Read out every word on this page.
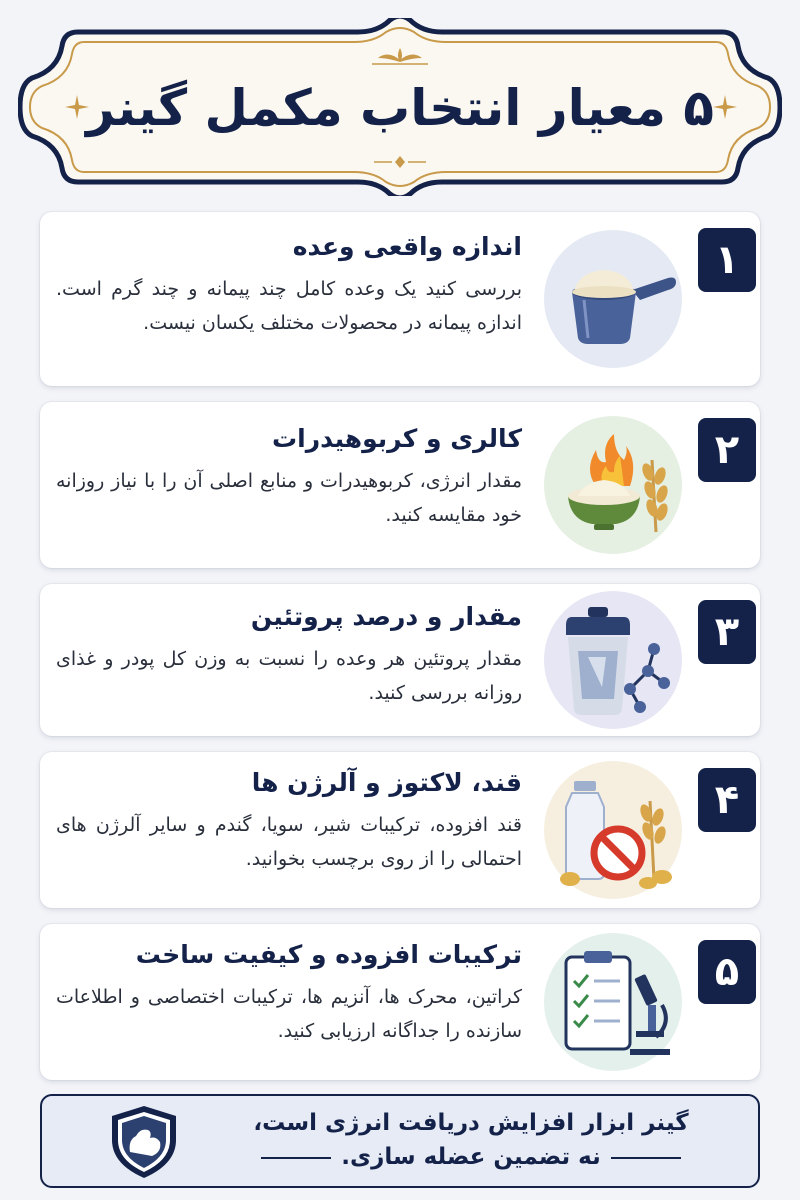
۵ معیار انتخاب مکمل گینر
۱
اندازه واقعی وعده
بررسی کنید یک وعده کامل چند پیمانه و چند گرم است. اندازه پیمانه در محصولات مختلف یکسان نیست.
۲
کالری و کربوهیدرات
مقدار انرژی، کربوهیدرات و منابع اصلی آن را با نیاز روزانه خود مقایسه کنید.
۳
مقدار و درصد پروتئین
مقدار پروتئین هر وعده را نسبت به وزن کل پودر و غذای روزانه بررسی کنید.
۴
قند، لاکتوز و آلرژن ها
قند افزوده، ترکیبات شیر، سویا، گندم و سایر آلرژن های احتمالی را از روی برچسب بخوانید.
۵
ترکیبات افزوده و کیفیت ساخت
کراتین، محرک ها، آنزیم ها، ترکیبات اختصاصی و اطلاعات سازنده را جداگانه ارزیابی کنید.
گینر ابزار افزایش دریافت انرژی است،
نه تضمین عضله سازی.
